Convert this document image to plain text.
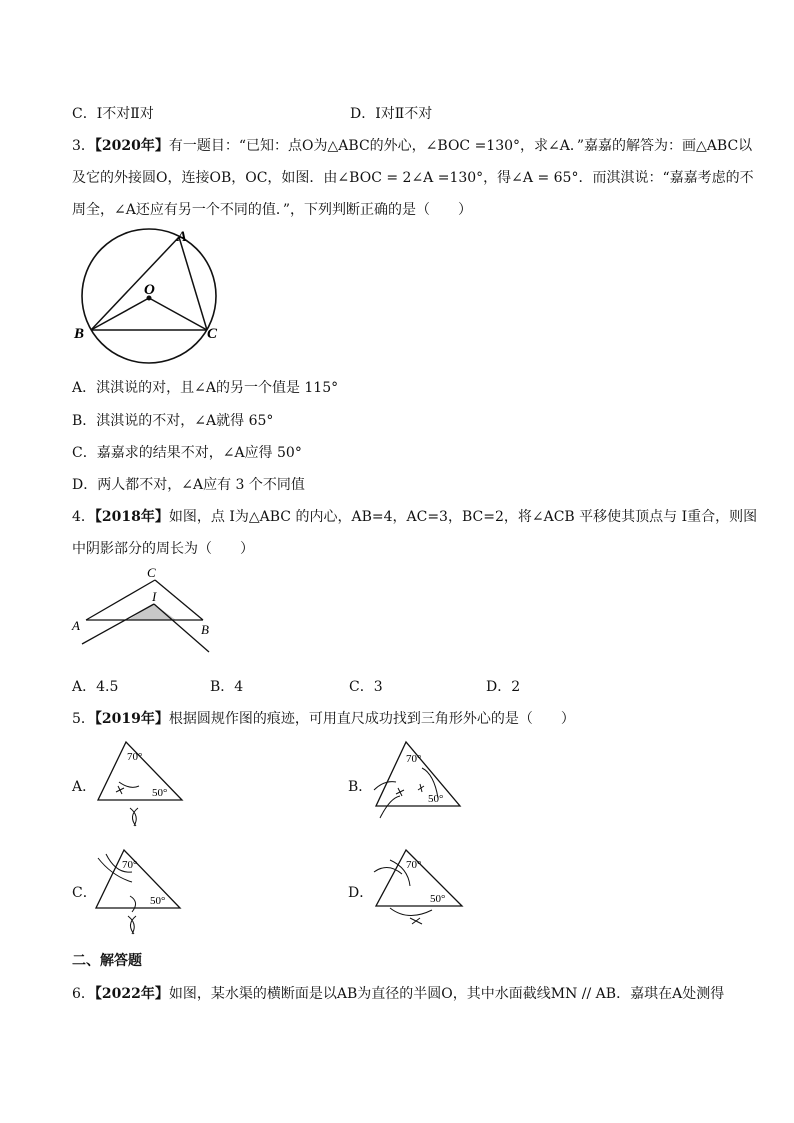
C．Ⅰ不对Ⅱ对	D．Ⅰ对Ⅱ不对
3．【2020年】有一题目：“已知：点O为△ABC的外心，∠BOC =130°，求∠A．”嘉嘉的解答为：画△ABC以
及它的外接圆O，连接OB，OC，如图．由∠BOC = 2∠A =130°，得∠A = 65°．而淇淇说：“嘉嘉考虑的不
周全，∠A还应有另一个不同的值．”，下列判断正确的是（　　）
A
B	C
O
A．淇淇说的对，且∠A的另一个值是 115°
B．淇淇说的不对，∠A就得 65°
C．嘉嘉求的结果不对，∠A应得 50°
D．两人都不对，∠A应有 3 个不同值
4．【2018年】如图，点 I为△ABC 的内心，AB=4，AC=3，BC=2，将∠ACB 平移使其顶点与 I重合，则图
中阴影部分的周长为（　　）
C
I
A	B
A．4.5	B．4	C．3	D．2
5．【2019年】根据圆规作图的痕迹，可用直尺成功找到三角形外心的是（　　）
A．
70°
50°	B．
70°
50°
C．
70°
50°	D．
70°
50°
二、解答题
6．【2022年】如图，某水渠的横断面是以AB为直径的半圆O，其中水面截线MN // AB．嘉琪在A处测得
